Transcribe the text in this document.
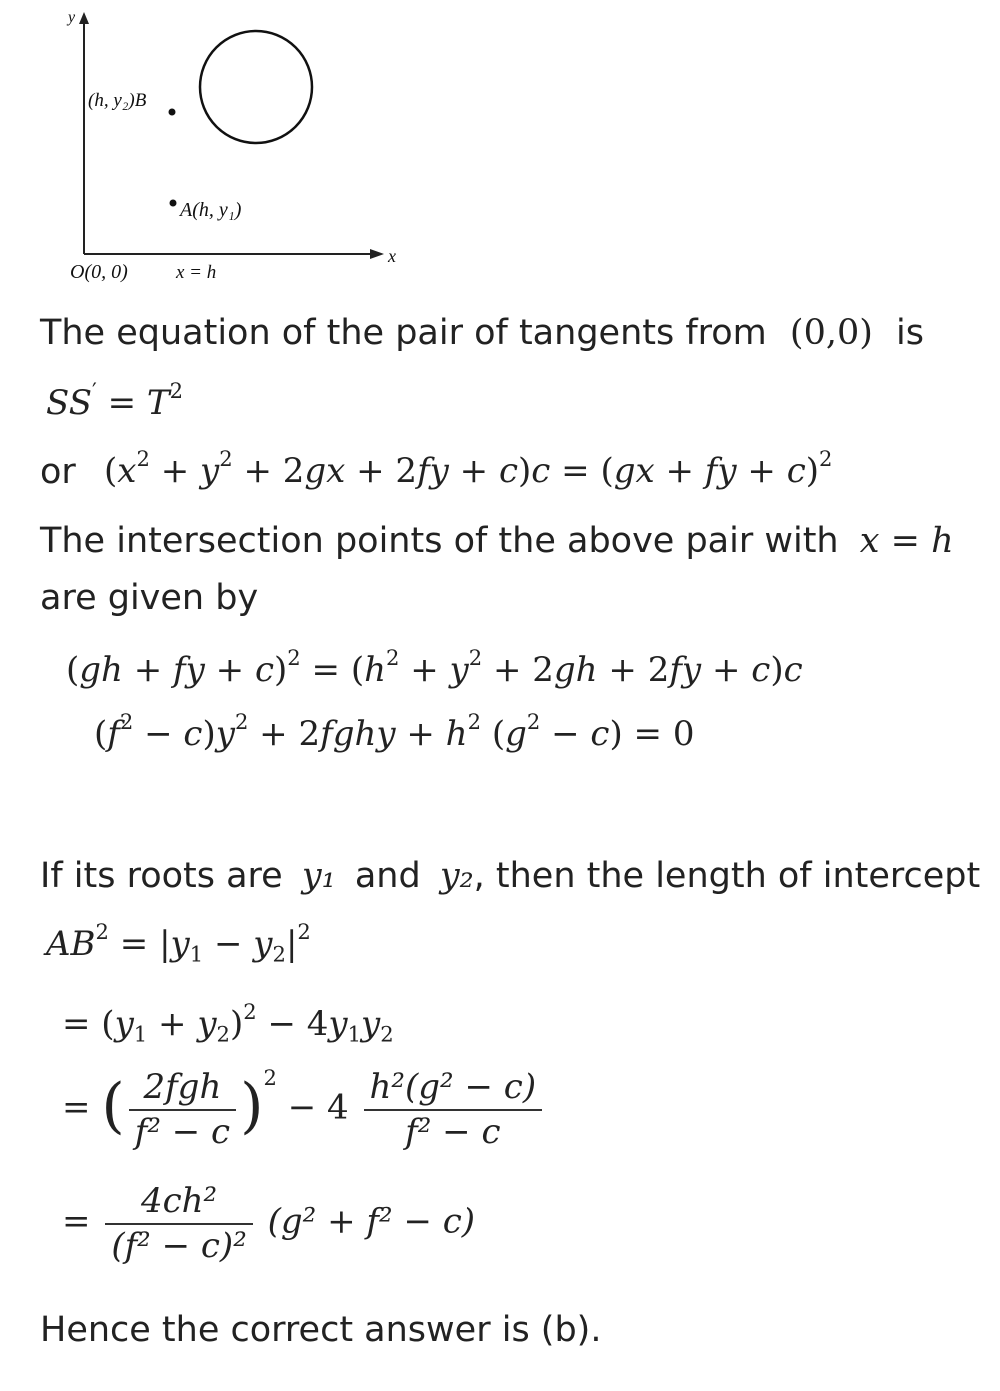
y
x
(h, y₂)B
A(h, y₁)
O(0, 0)	x = h
The equation of the pair of tangents from (0,0) is
$SS' = T^2$
or $(x^2 + y^2 + 2gx + 2fy + c)c = (gx$ + fy + c)$^2$
The intersection points of the above pair with x = h
are given by
(gh + fy + $c)^2 = (h^2 + y^2 + 2gh + 2fy + c)c$
$(f^2 - c)y^2$ + 2fghy + $h^2$ $(g^2 - c) = 0$
If its roots are y₁ and y₂, then the length of intercept
$AB^2 = |y_1 - y_2|^2$
= $(y_1 + y_2)^2 - 4y_1y_2$
= ( $\frac{\text{2fgh}}{\text{f² − c}} )^2 - 4 \frac{\text{h²(g² − c)}}{\text{f² − c}}$
= $\frac{\text{4ch²}}{\text{(f² − c)²}} (g^2 + f^2 - c)$
Hence the correct answer is (b).
